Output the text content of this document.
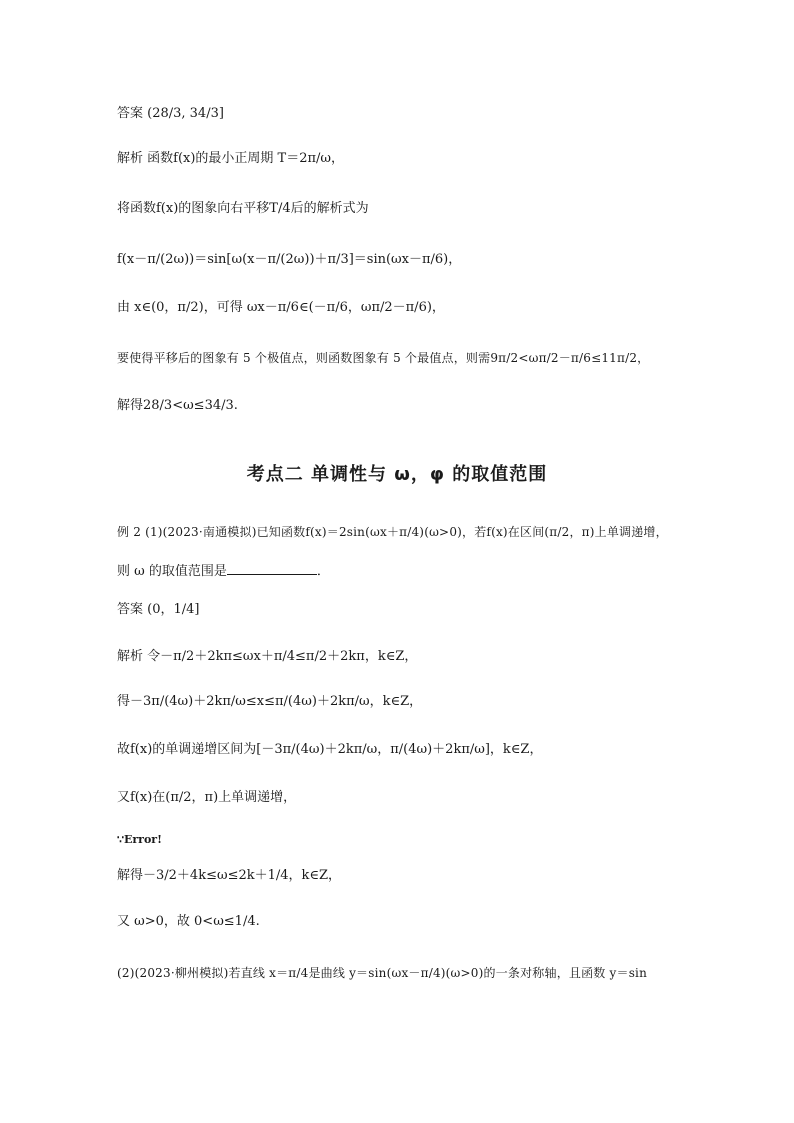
答案 (28/3, 34/3]
解析 函数f(x)的最小正周期 T＝2π/ω，
将函数f(x)的图象向右平移T/4后的解析式为
f(x－π/(2ω))＝sin[ω(x－π/(2ω))＋π/3]＝sin(ωx－π/6)，
由 x∈(0，π/2)，可得 ωx－π/6∈(－π/6，ωπ/2－π/6)，
要使得平移后的图象有 5 个极值点，则函数图象有 5 个最值点，则需9π/2<ωπ/2－π/6≤11π/2，
解得28/3<ω≤34/3.
考点二 单调性与 ω，φ 的取值范围
例 2 (1)(2023·南通模拟)已知函数f(x)＝2sin(ωx＋π/4)(ω>0)，若f(x)在区间(π/2，π)上单调递增，
则 ω 的取值范围是	．
答案 (0，1/4]
解析 令－π/2＋2kπ≤ωx＋π/4≤π/2＋2kπ，k∈Z，
得－3π/(4ω)＋2kπ/ω≤x≤π/(4ω)＋2kπ/ω，k∈Z，
故f(x)的单调递增区间为[－3π/(4ω)＋2kπ/ω，π/(4ω)＋2kπ/ω]，k∈Z，
又f(x)在(π/2，π)上单调递增，
∵Error!
解得－3/2＋4k≤ω≤2k＋1/4，k∈Z，
又 ω>0，故 0<ω≤1/4.
(2)(2023·柳州模拟)若直线 x＝π/4是曲线 y＝sin(ωx－π/4)(ω>0)的一条对称轴，且函数 y＝sin
